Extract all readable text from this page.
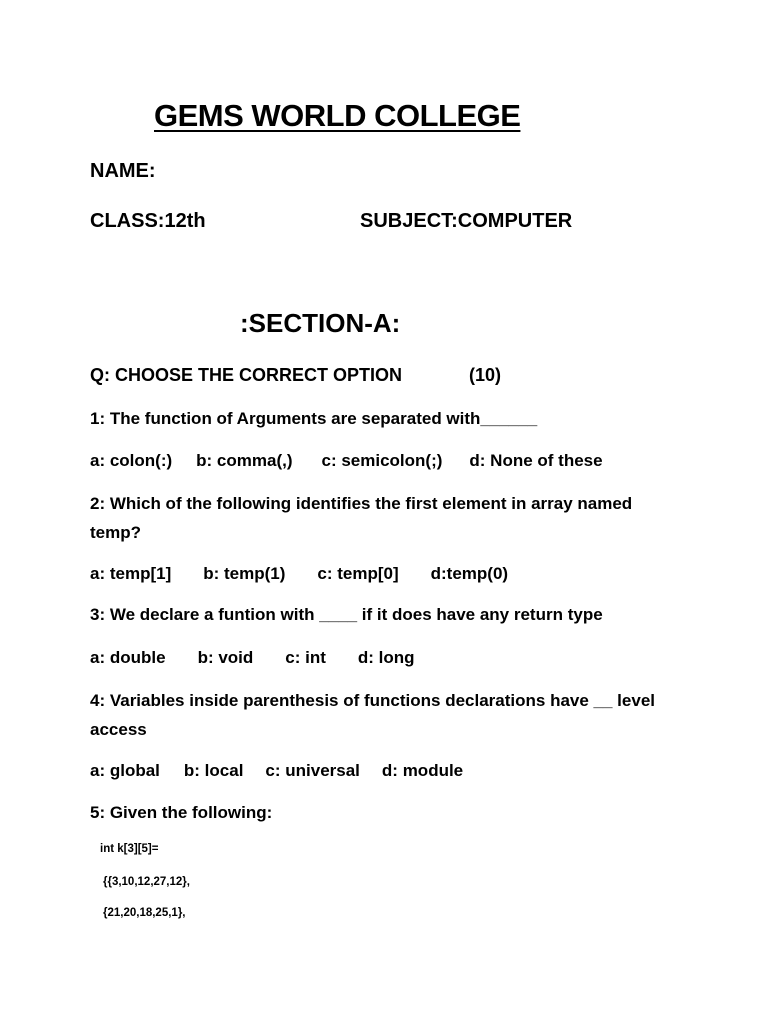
GEMS WORLD COLLEGE
NAME:
CLASS:12th	SUBJECT:COMPUTER
:SECTION-A:
Q: CHOOSE THE CORRECT OPTION	(10)
1: The function of Arguments are separated with______
a: colon(:) b: comma(,) c: semicolon(;) d: None of these
2: Which of the following identifies the first element in array named temp?
a: temp[1] b: temp(1) c: temp[0] d:temp(0)
3: We declare a funtion with ____ if it does have any return type
a: double b: void c: int d: long
4: Variables inside parenthesis of functions declarations have __ level access
a: global b: local c: universal d: module
5: Given the following:
int k[3][5]=
{{3,10,12,27,12},
{21,20,18,25,1},
